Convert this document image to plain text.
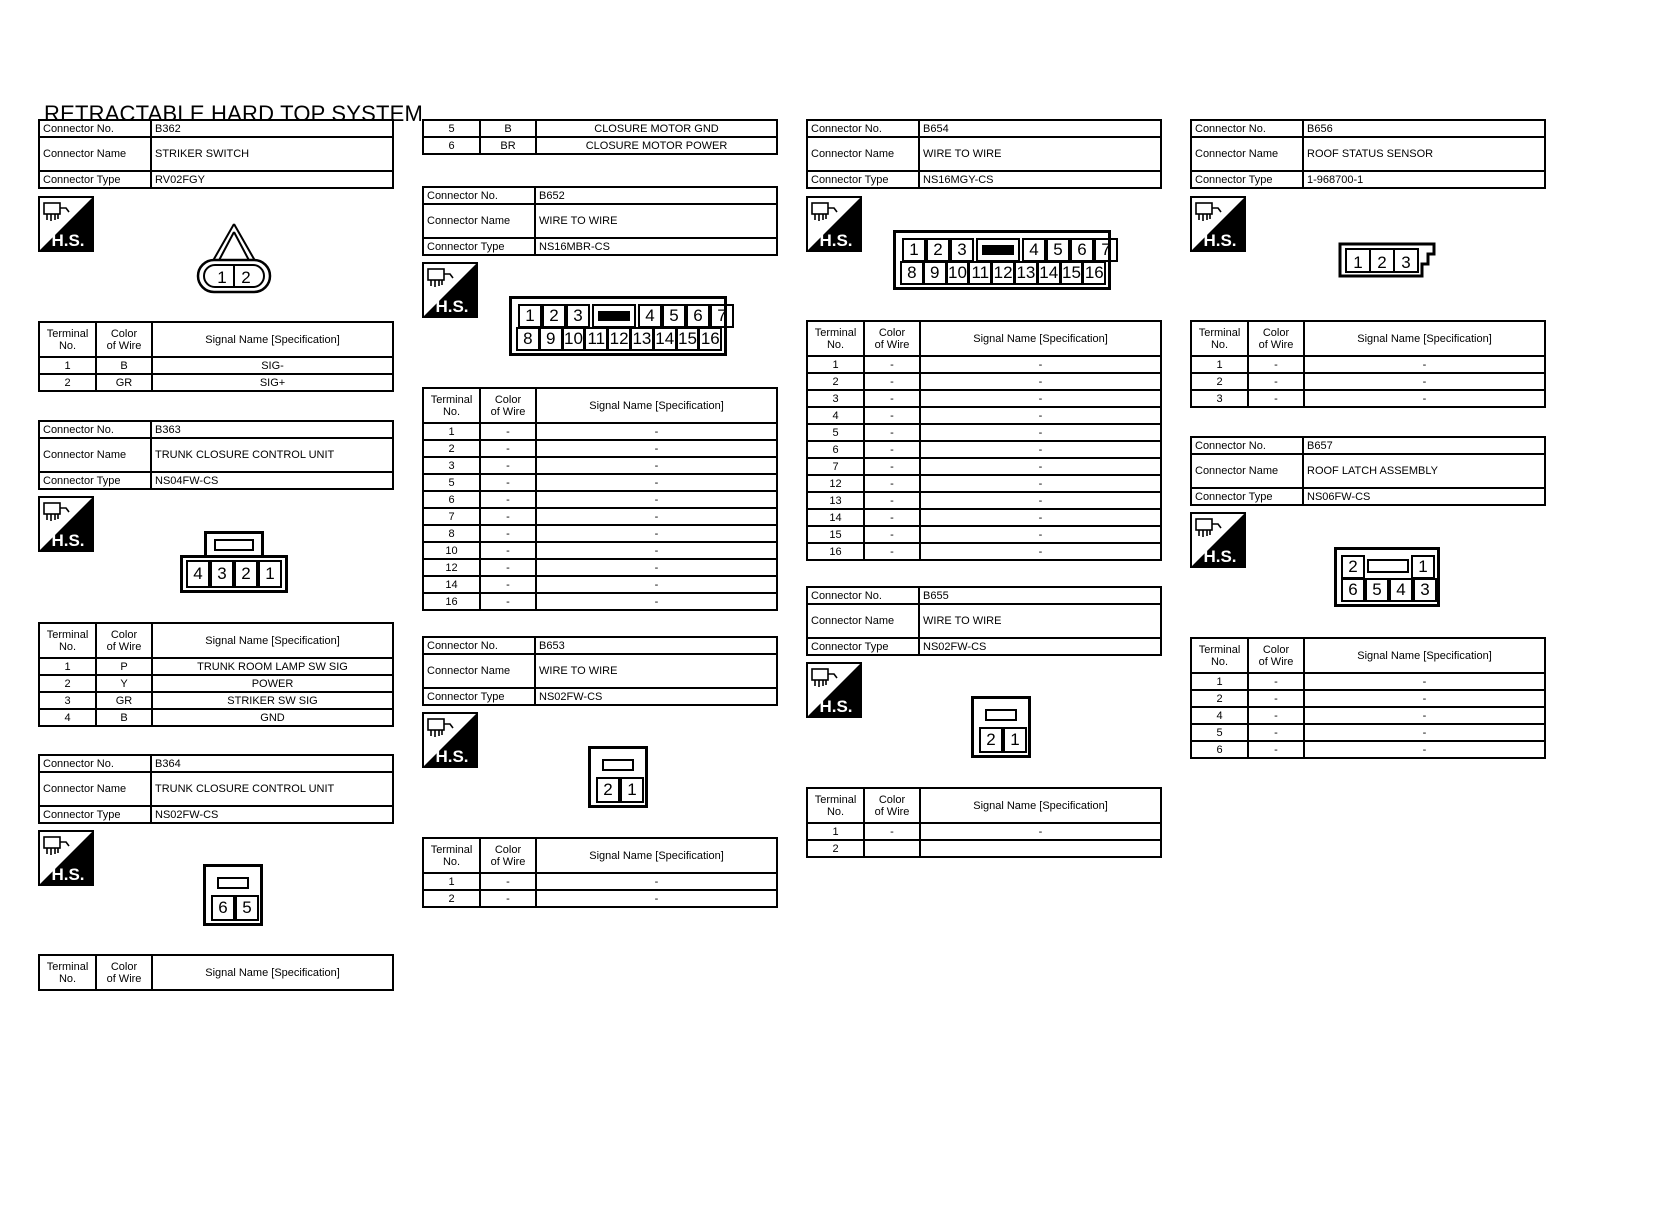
RETRACTABLE HARD TOP SYSTEM
Connector No.	B362
Connector Name	STRIKER SWITCH
Connector Type	RV02FGY
H.S.
1 2
Terminal
No.	Color
of Wire	Signal Name [Specification]
1	B	SIG-
2	GR	SIG+
Connector No.	B363
Connector Name	TRUNK CLOSURE CONTROL UNIT
Connector Type	NS04FW-CS
H.S.
4 3 2 1
Terminal
No.	Color
of Wire	Signal Name [Specification]
1	P	TRUNK ROOM LAMP SW SIG
2	Y	POWER
3	GR	STRIKER SW SIG
4	B	GND
Connector No.	B364
Connector Name	TRUNK CLOSURE CONTROL UNIT
Connector Type	NS02FW-CS
H.S.
6 5
Terminal
No.	Color
of Wire	Signal Name [Specification]
5	B	CLOSURE MOTOR GND
6	BR	CLOSURE MOTOR POWER
Connector No.	B652
Connector Name	WIRE TO WIRE
Connector Type	NS16MBR-CS
H.S.	1 2 3	4 5 6 7
8 9 10 11 12 13 14 15 16
Terminal
No.	Color
of Wire	Signal Name [Specification]
1	-	-
2	-	-
3	-	-
5	-	-
6	-	-
7	-	-
8	-	-
10	-	-
12	-	-
14	-	-
16	-	-
Connector No.	B653
Connector Name	WIRE TO WIRE
Connector Type	NS02FW-CS
H.S.
2 1
Terminal
No.	Color
of Wire	Signal Name [Specification]
1	-	-
2	-	-
Connector No.	B654
Connector Name	WIRE TO WIRE
Connector Type	NS16MGY-CS
H.S.	1 2 3	4 5 6 7
8 9 10 11 12 13 14 15 16
Terminal
No.	Color
of Wire	Signal Name [Specification]
1	-	-
2	-	-
3	-	-
4	-	-
5	-	-
6	-	-
7	-	-
12	-	-
13	-	-
14	-	-
15	-	-
16	-	-
Connector No.	B655
Connector Name	WIRE TO WIRE
Connector Type	NS02FW-CS
H.S.
2 1
Terminal
No.	Color
of Wire	Signal Name [Specification]
1	-	-
2		
Connector No.	B656
Connector Name	ROOF STATUS SENSOR
Connector Type	1-968700-1
H.S.
1 2 3
Terminal
No.	Color
of Wire	Signal Name [Specification]
1	-	-
2	-	-
3	-	-
Connector No.	B657
Connector Name	ROOF LATCH ASSEMBLY
Connector Type	NS06FW-CS
H.S.
2	1
6 5 4 3
Terminal
No.	Color
of Wire	Signal Name [Specification]
1	-	-
2	-	-
4	-	-
5	-	-
6	-	-
